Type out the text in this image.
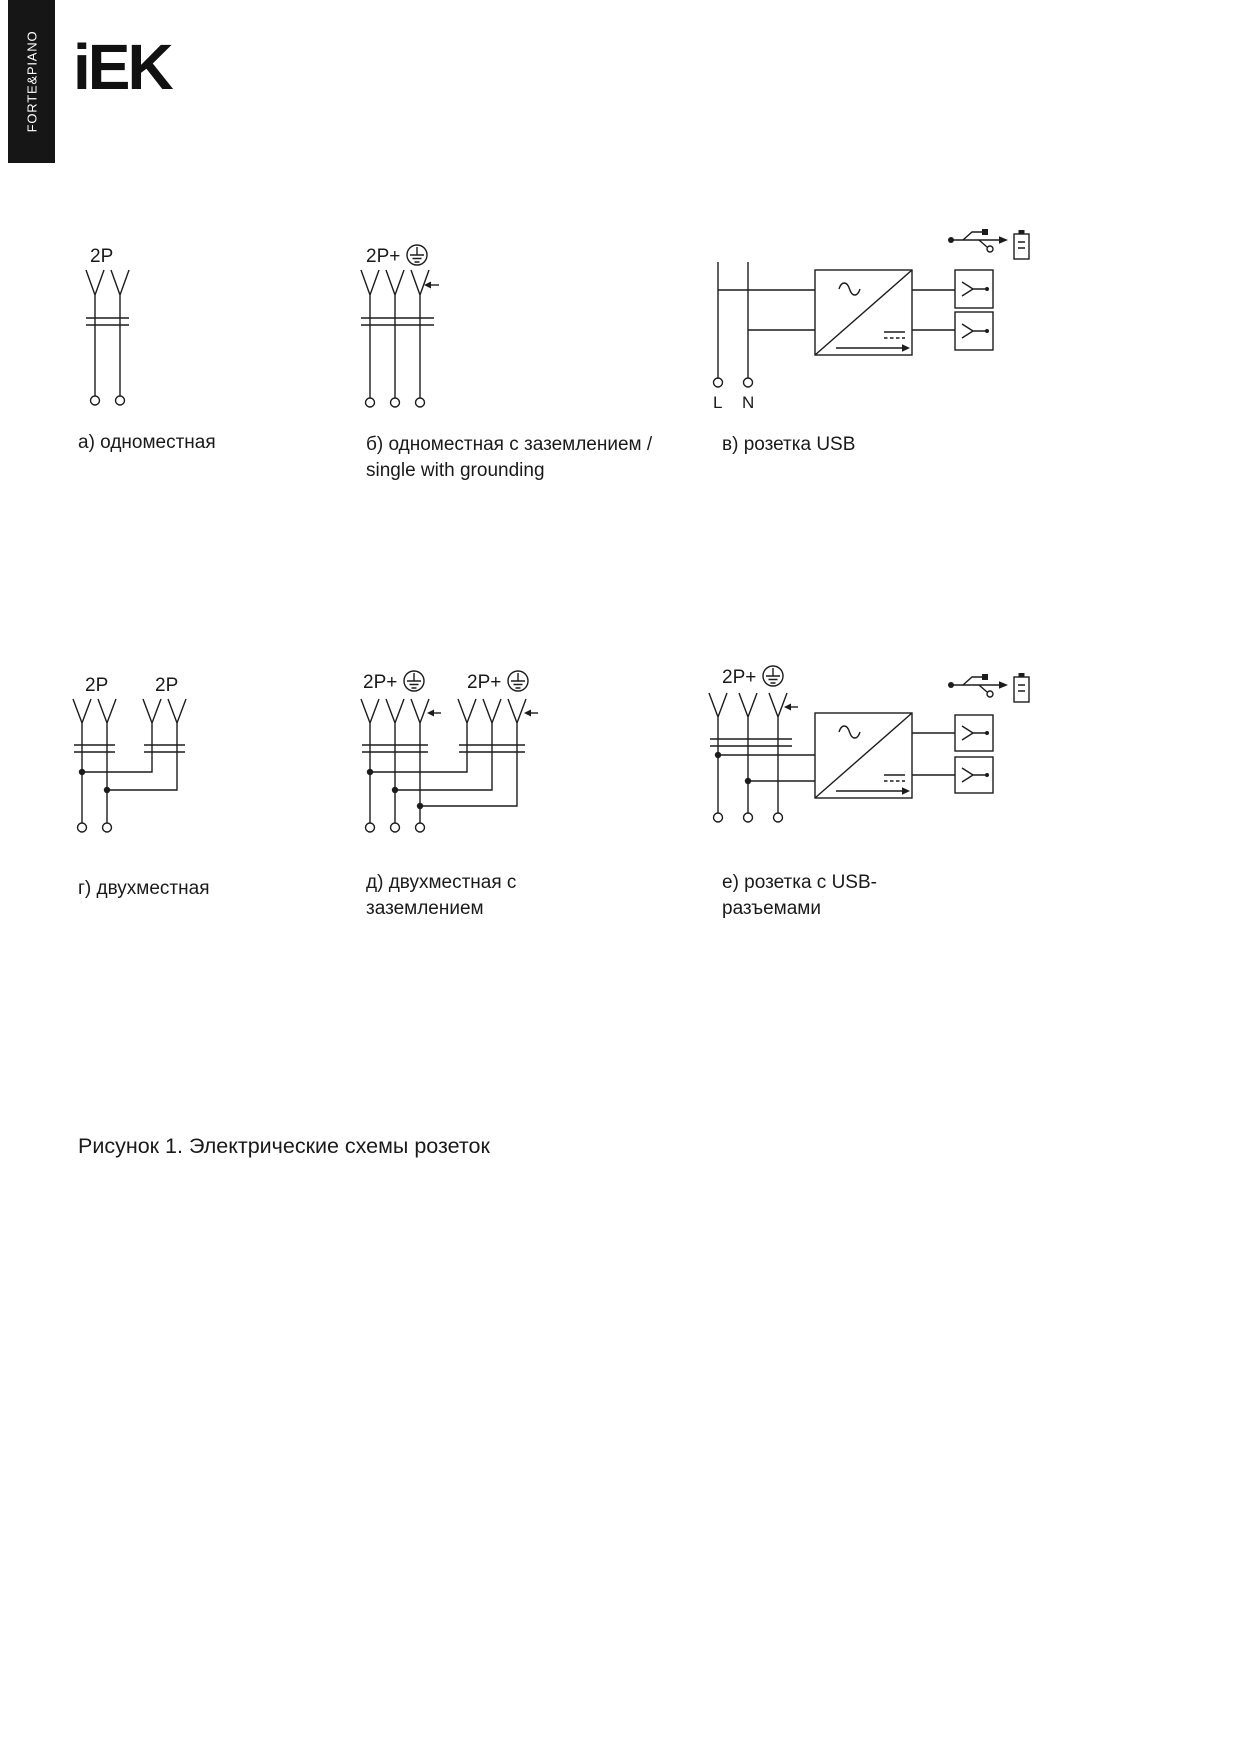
FORTE&PIANO iEK
2P
а) одноместная
2P+
б) одноместная с заземлением / single with grounding
L N
в) розетка USB
2P 2P
г) двухместная
2P+	2P+
д) двухместная с заземлением
2P+
е) розетка с USB-разъемами
Рисунок 1. Электрические схемы розеток
